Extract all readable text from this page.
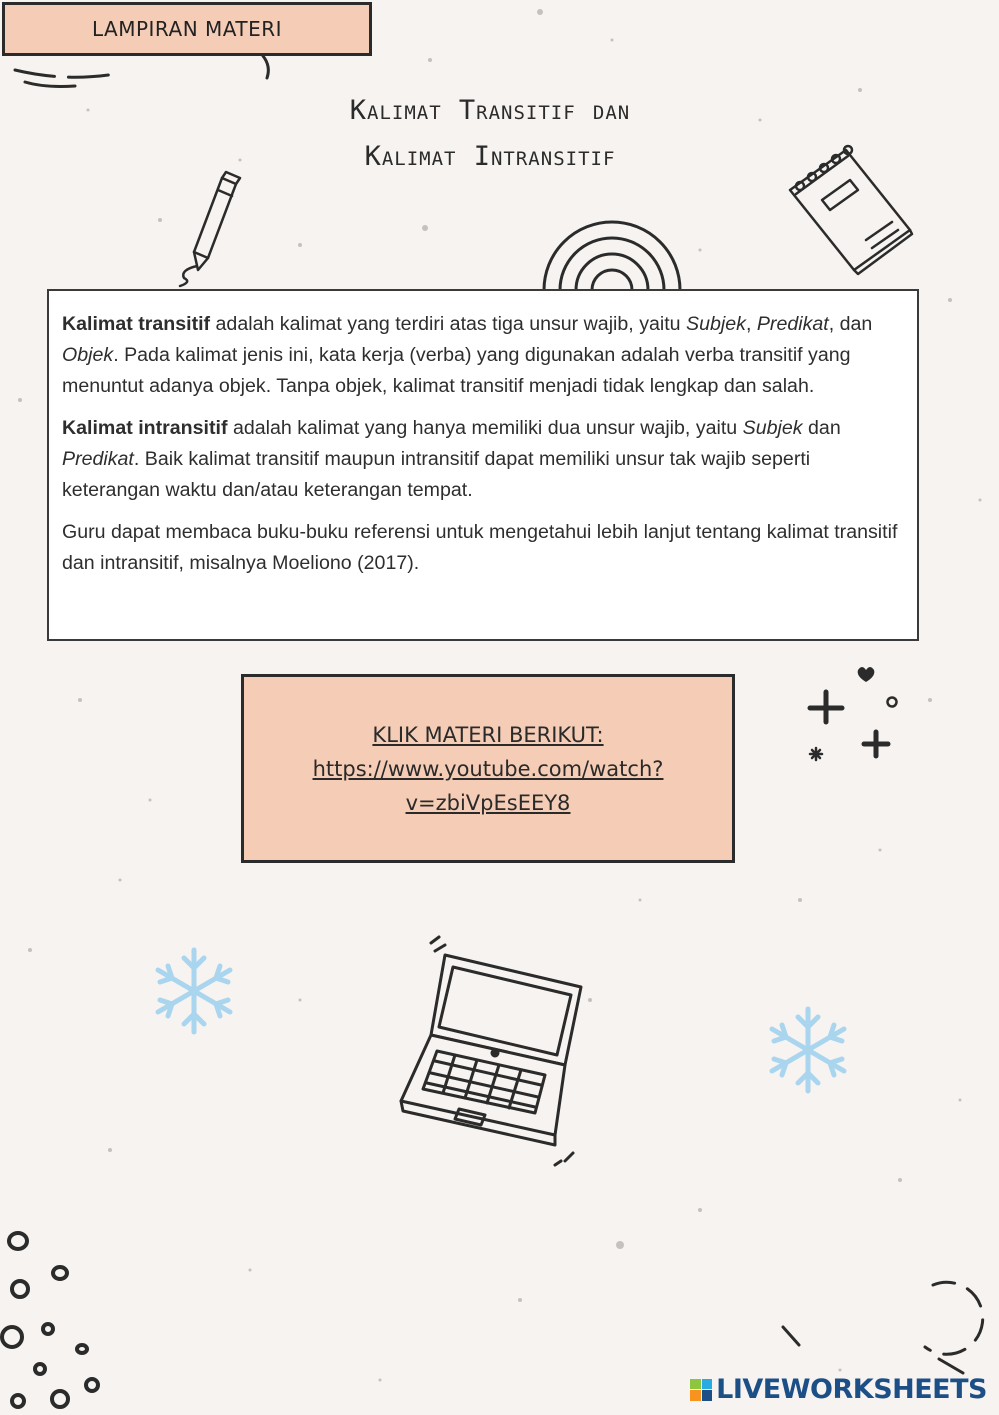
LAMPIRAN MATERI
Kalimat Transitif dan
Kalimat Intransitif

Kalimat transitif adalah kalimat yang terdiri atas tiga unsur wajib, yaitu Subjek, Predikat, dan Objek. Pada kalimat jenis ini, kata kerja (verba) yang digunakan adalah verba transitif yang menuntut adanya objek. Tanpa objek, kalimat transitif menjadi tidak lengkap dan salah.

Kalimat intransitif adalah kalimat yang hanya memiliki dua unsur wajib, yaitu Subjek dan Predikat. Baik kalimat transitif maupun intransitif dapat memiliki unsur tak wajib seperti keterangan waktu dan/atau keterangan tempat.

Guru dapat membaca buku-buku referensi untuk mengetahui lebih lanjut tentang kalimat transitif dan intransitif, misalnya Moeliono (2017).

KLIK MATERI BERIKUT:
https://www.youtube.com/watch?
v=zbiVpEsEEY8
LIVEWORKSHEETS
